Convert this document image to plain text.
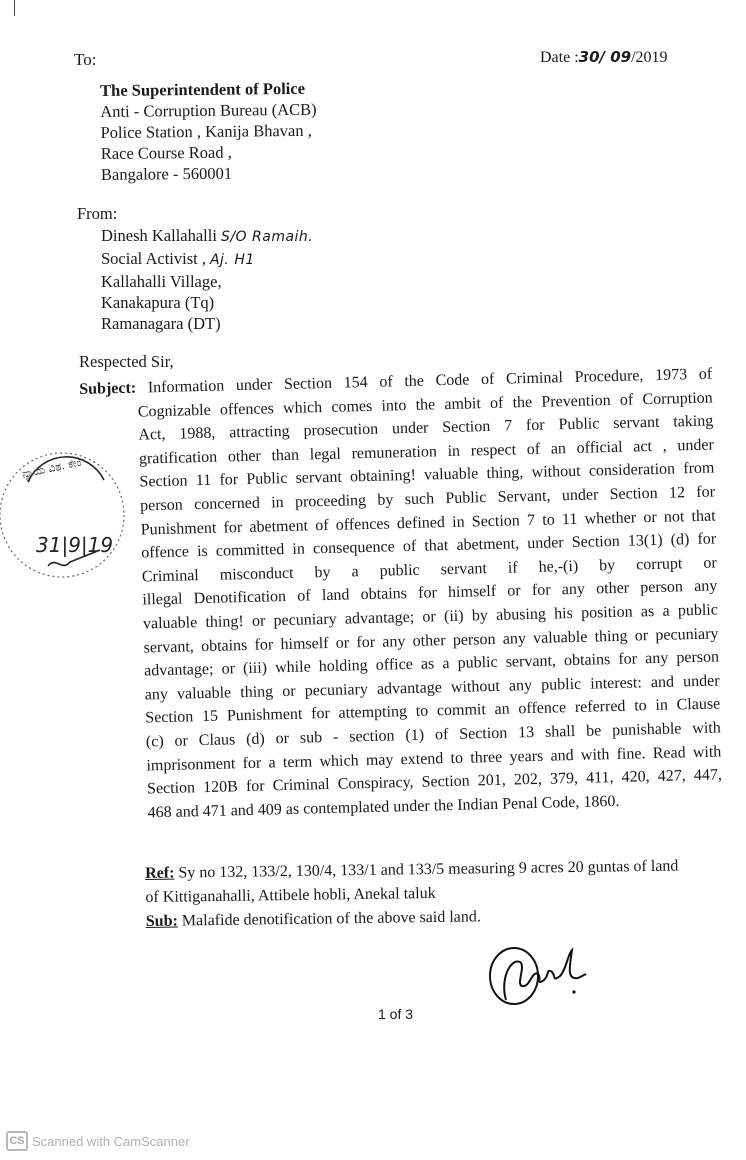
To:	Date :30/ 09/2019
The Superintendent of Police
Anti - Corruption Bureau (ACB)
Police Station , Kanija Bhavan ,
Race Course Road ,
Bangalore - 560001
From:
Dinesh Kallahalli S/O Ramaih.
Social Activist , Aj. H1
Kallahalli Village,
Kanakapura (Tq)
Ramanagara (DT)
Respected Sir,
Subject: Information under Section 154 of the Code of Criminal Procedure, 1973 of
Cognizable offences which comes into the ambit of the Prevention of Corruption
Act, 1988, attracting prosecution under Section 7 for Public servant taking
gratification other than legal remuneration in respect of an official act , under
Section 11 for Public servant obtaining! valuable thing, without consideration from
person concerned in proceeding by such Public Servant, under Section 12 for
Punishment for abetment of offences defined in Section 7 to 11 whether or not that
offence is committed in consequence of that abetment, under Section 13(1) (d) for
Criminal misconduct by a public servant if he,-(i) by corrupt or
illegal Denotification of land obtains for himself or for any other person any
valuable thing! or pecuniary advantage; or (ii) by abusing his position as a public
servant, obtains for himself or for any other person any valuable thing or pecuniary
advantage; or (iii) while holding office as a public servant, obtains for any person
any valuable thing or pecuniary advantage without any public interest: and under
Section 15 Punishment for attempting to commit an offence referred to in Clause
(c) or Claus (d) or sub - section (1) of Section 13 shall be punishable with
imprisonment for a term which may extend to three years and with fine. Read with
Section 120B for Criminal Conspiracy, Section 201, 202, 379, 411, 420, 427, 447,
468 and 471 and 409 as contemplated under the Indian Penal Code, 1860.
Ref: Sy no 132, 133/2, 130/4, 133/1 and 133/5 measuring 9 acres 20 guntas of land
of Kittiganahalli, Attibele hobli, Anekal taluk
Sub: Malafide denotification of the above said land.
ನ್ಯಾಯ ವಿಶ. ಕೇಂ
31|9|19
1 of 3
CS Scanned with CamScanner
